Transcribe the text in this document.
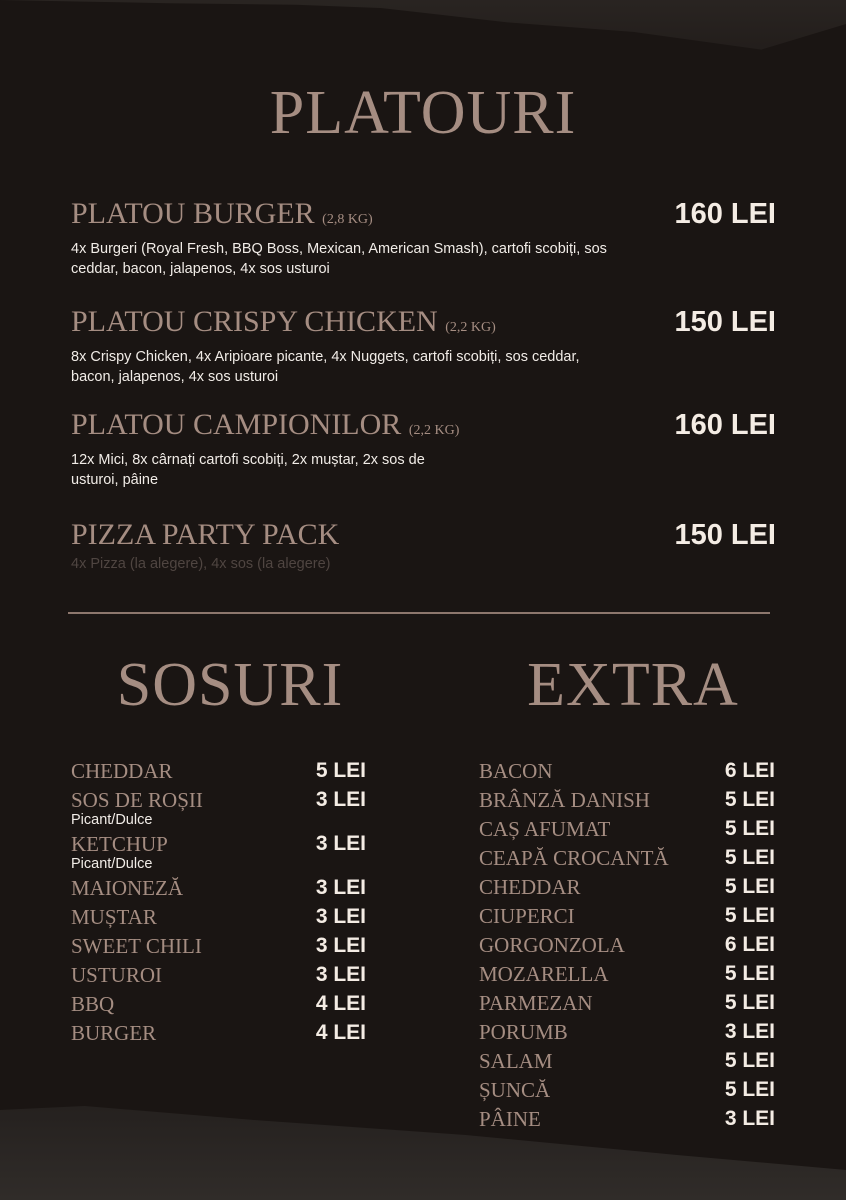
PLATOURI
PLATOU BURGER (2,8 KG)	160 LEI
4x Burgeri (Royal Fresh, BBQ Boss, Mexican, American Smash), cartofi scobiți, sos ceddar, bacon, jalapenos, 4x sos usturoi
PLATOU CRISPY CHICKEN (2,2 KG)	150 LEI
8x Crispy Chicken, 4x Aripioare picante, 4x Nuggets, cartofi scobiți, sos ceddar, bacon, jalapenos, 4x sos usturoi
PLATOU CAMPIONILOR (2,2 KG)	160 LEI
12x Mici, 8x cârnați cartofi scobiți, 2x muștar, 2x sos de usturoi, pâine
PIZZA PARTY PACK	150 LEI
4x Pizza (la alegere), 4x sos (la alegere)
SOSURI	EXTRA
CHEDDAR	5 LEI
SOS DE ROȘII
Picant/Dulce
3 LEI
KETCHUP
Picant/Dulce
3 LEI
MAIONEZĂ	3 LEI
MUȘTAR	3 LEI
SWEET CHILI	3 LEI
USTUROI	3 LEI
BBQ	4 LEI
BURGER	4 LEI
BACON	6 LEI
BRÂNZĂ DANISH	5 LEI
CAȘ AFUMAT	5 LEI
CEAPĂ CROCANTĂ	5 LEI
CHEDDAR	5 LEI
CIUPERCI	5 LEI
GORGONZOLA	6 LEI
MOZARELLA	5 LEI
PARMEZAN	5 LEI
PORUMB	3 LEI
SALAM	5 LEI
ȘUNCĂ	5 LEI
PÂINE	3 LEI
